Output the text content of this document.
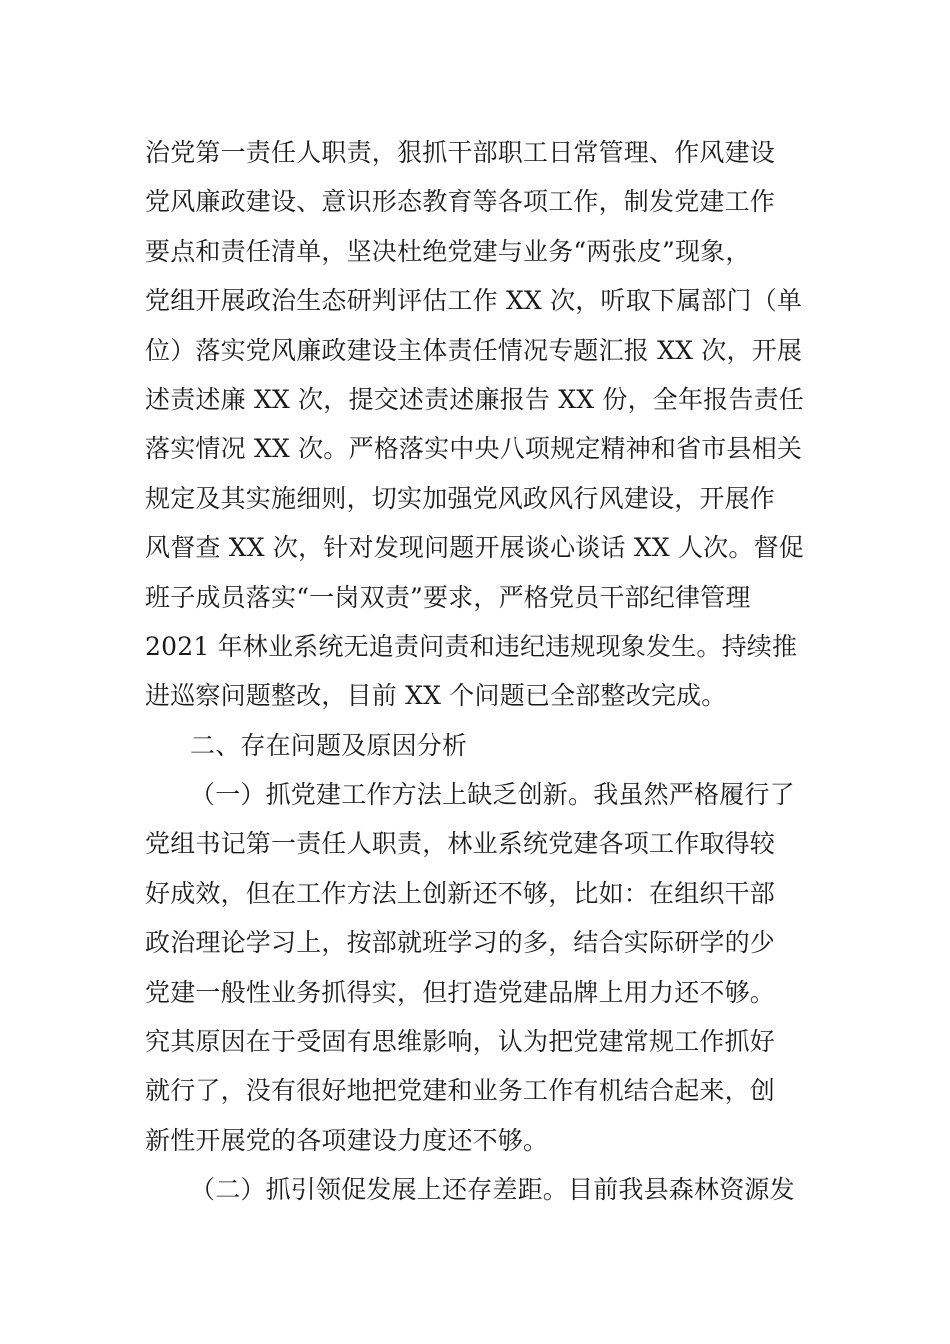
治党第一责任人职责，狠抓干部职工日常管理、作风建设
党风廉政建设、意识形态教育等各项工作，制发党建工作
要点和责任清单，坚决杜绝党建与业务“两张皮”现象，
党组开展政治生态研判评估工作 XX 次，听取下属部门（单
位）落实党风廉政建设主体责任情况专题汇报 XX 次，开展
述责述廉 XX 次，提交述责述廉报告 XX 份，全年报告责任
落实情况 XX 次。严格落实中央八项规定精神和省市县相关
规定及其实施细则，切实加强党风政风行风建设，开展作
风督查 XX 次，针对发现问题开展谈心谈话 XX 人次。督促
班子成员落实“一岗双责”要求，严格党员干部纪律管理
2021 年林业系统无追责问责和违纪违规现象发生。持续推
进巡察问题整改，目前 XX 个问题已全部整改完成。
二、存在问题及原因分析
（一）抓党建工作方法上缺乏创新。我虽然严格履行了
党组书记第一责任人职责，林业系统党建各项工作取得较
好成效，但在工作方法上创新还不够，比如：在组织干部
政治理论学习上，按部就班学习的多，结合实际研学的少
党建一般性业务抓得实，但打造党建品牌上用力还不够。
究其原因在于受固有思维影响，认为把党建常规工作抓好
就行了，没有很好地把党建和业务工作有机结合起来，创
新性开展党的各项建设力度还不够。
（二）抓引领促发展上还存差距。目前我县森林资源发
